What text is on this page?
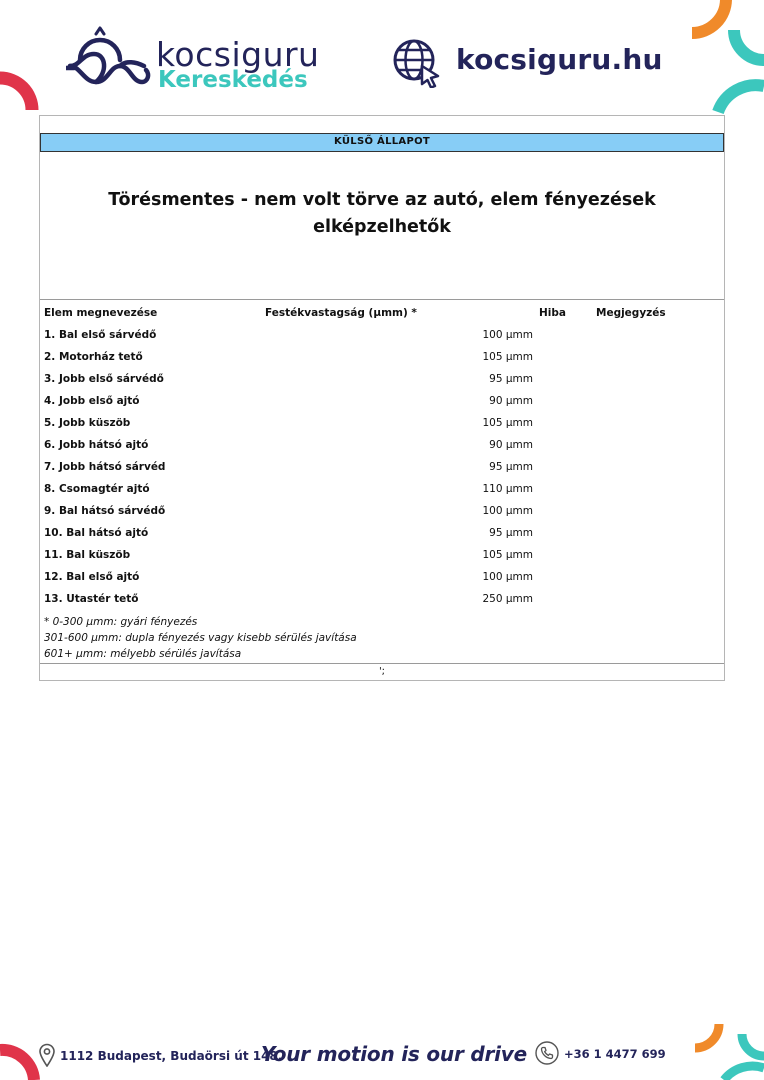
kocsiguru
Kereskedés
kocsiguru.hu
KÜLSŐ ÁLLAPOT
Törésmentes - nem volt törve az autó, elem fényezések elképzelhetők
Elem megnevezése	Festékvastagság (μmm) *	Hiba	Megjegyzés
1. Bal első sárvédő	100 μmm
2. Motorház tető	105 μmm
3. Jobb első sárvédő	95 μmm
4. Jobb első ajtó	90 μmm
5. Jobb küszöb	105 μmm
6. Jobb hátsó ajtó	90 μmm
7. Jobb hátsó sárvéd	95 μmm
8. Csomagtér ajtó	110 μmm
9. Bal hátsó sárvédő	100 μmm
10. Bal hátsó ajtó	95 μmm
11. Bal küszöb	105 μmm
12. Bal első ajtó	100 μmm
13. Utastér tető	250 μmm
* 0-300 μmm: gyári fényezés
301-600 μmm: dupla fényezés vagy kisebb sérülés javítása
601+ μmm: mélyebb sérülés javítása
';
1112 Budapest, Budaörsi út 148.
Your motion is our drive	+36 1 4477 699
